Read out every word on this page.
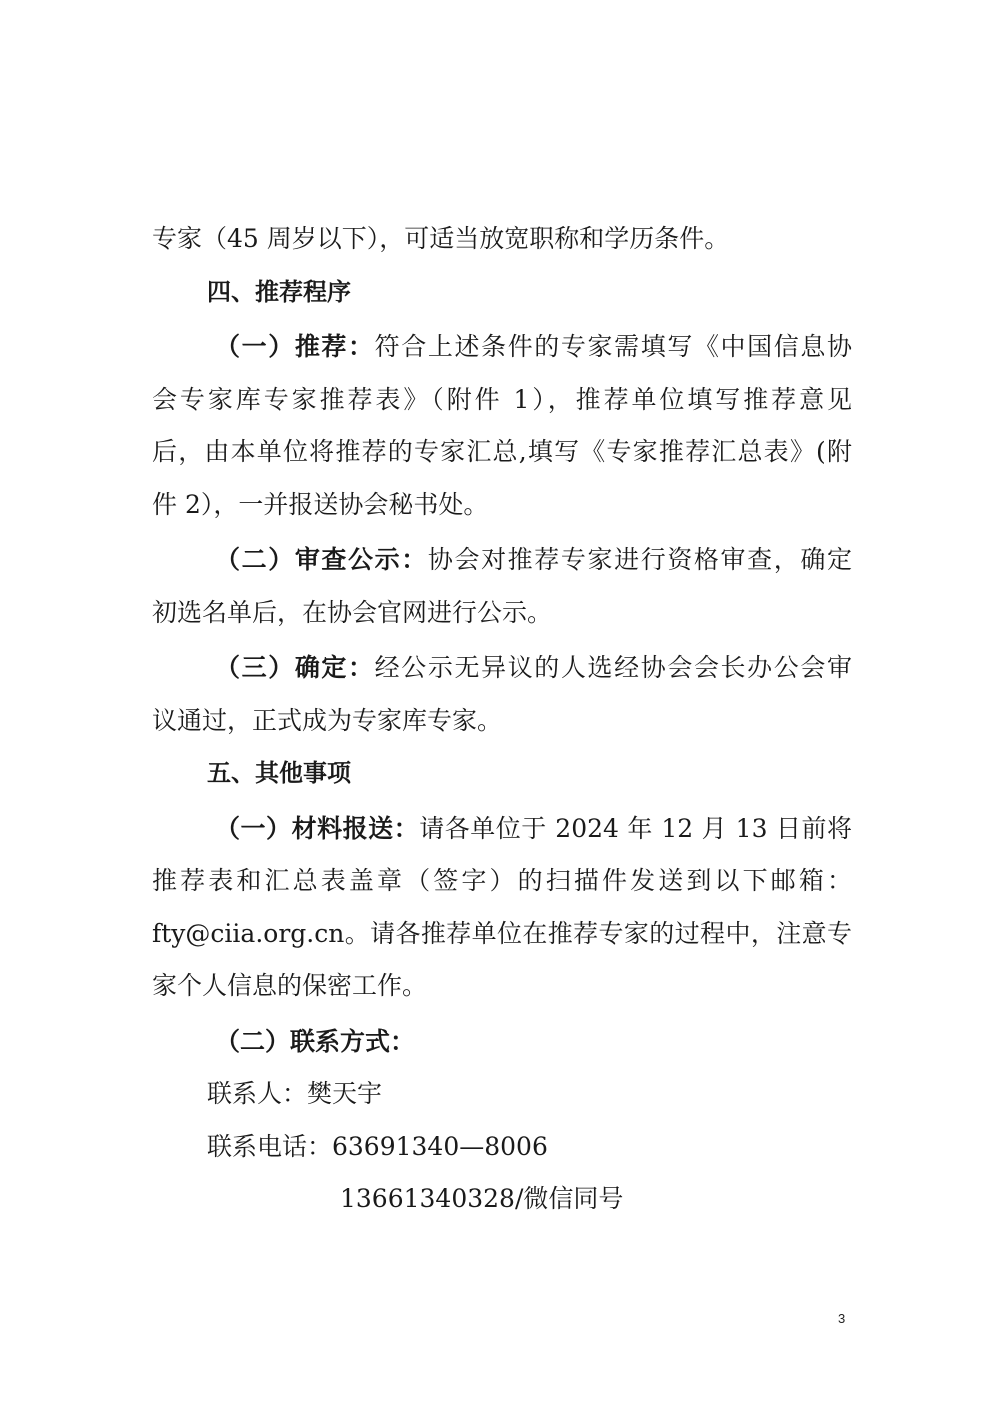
专家（45 周岁以下），可适当放宽职称和学历条件。
四、推荐程序
（一）推荐：符合上述条件的专家需填写《中国信息协
会专家库专家推荐表》（附件 1），推荐单位填写推荐意见
后，由本单位将推荐的专家汇总,填写《专家推荐汇总表》(附
件 2），一并报送协会秘书处。
（二）审查公示：协会对推荐专家进行资格审查，确定
初选名单后，在协会官网进行公示。
（三）确定：经公示无异议的人选经协会会长办公会审
议通过，正式成为专家库专家。
五、其他事项
（一）材料报送：请各单位于 2024 年 12 月 13 日前将
推荐表和汇总表盖章（签字）的扫描件发送到以下邮箱：
fty@ciia.org.cn。请各推荐单位在推荐专家的过程中，注意专
家个人信息的保密工作。
（二）联系方式：
联系人：樊天宇
联系电话：63691340—8006
13661340328/微信同号
3
